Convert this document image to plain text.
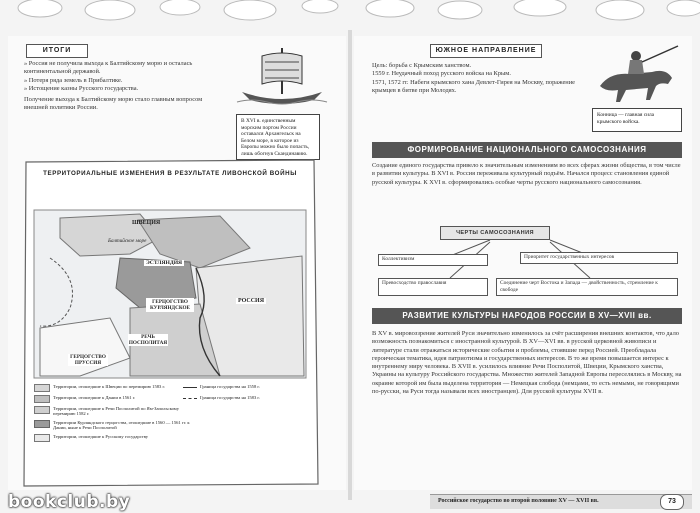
ИТОГИ

» Россия не получила выхода к Балтийскому морю и осталась континентальной державой.

» Потеря ряда земель в Прибалтике.

» Истощение казны Русского государства.

Получение выхода к Балтийскому морю стало главным вопросом внешней политики России.

В XVI в. единственным морским портом России оставался Архангельск на Белом море, в которое из Европы можно было попасть, лишь обогнув Скандинавию.
ТЕРРИТОРИАЛЬНЫЕ ИЗМЕНЕНИЯ В РЕЗУЛЬТАТЕ ЛИВОНСКОЙ ВОЙНЫ
ШВЕЦИЯ
ЭСТЛЯНДИЯ
Балтийское море
ГЕРЦОГСТВО КУРЛЯНДСКОЕ
РОССИЯ
РЕЧЬ ПОСПОЛИТАЯ
ГЕРЦОГСТВО ПРУССИЯ
Территории, отошедшие к Швеции по перемирию 1583 г.	Граница государства на 1558 г.
Территории, отошедшие к Дании в 1561 г.	Граница государства на 1583 г.
Территории, отошедшие к Речи Посполитой по Ям-Запольскому перемирию 1582 г.
Территории Курляндского герцогства, отошедшие в 1560 — 1561 гг. к Дании, ныне к Речи Посполитой
Территории, отошедшие к Русскому государству
ЮЖНОЕ НАПРАВЛЕНИЕ

Цель: борьба с Крымским ханством.

1559 г. Неудачный поход русского войска на Крым.

1571, 1572 гг. Набеги крымского хана Девлет-Гирея на Москву, поражение крымцев в битве при Молодях.

Конница — главная сила крымского войска.
ФОРМИРОВАНИЕ НАЦИОНАЛЬНОГО САМОСОЗНАНИЯ
Создание единого государства привело к значительным изменениям во всех сферах жизни общества, в том числе в развитии культуры. В XVI в. Россия переживала культурный подъём. Начался процесс становления единой русской культуры. К XVI в. сформировались особые черты русского национального самосознания.
ЧЕРТЫ САМОСОЗНАНИЯ
Коллективизм	Приоритет государственных интересов
Превосходство православия	Соединение черт Востока и Запада — двойственность, стремление к свободе
РАЗВИТИЕ КУЛЬТУРЫ НАРОДОВ РОССИИ В XV—XVII вв.
В XV в. мировоззрение жителей Руси значительно изменилось за счёт расширения внешних контактов, что дало возможность познакомиться с иностранной культурой. В XV—XVI вв. в русской церковной живописи и литературе стали отражаться исторические события и проблемы, стоявшие перед Россией. Преобладала героическая тематика, идея патриотизма и государственных интересов. В то же время повышается интерес к внутреннему миру человека. В XVII в. усилилось влияние Речи Посполитой, Швеции, Крымского ханства, Украины на культуру Российского государства. Множество жителей Западной Европы переселялись в Москву, на окраине которой им была выделена территория — Немецкая слобода (немцами, то есть немыми, не говорящими по-русски, на Руси тогда называли всех иностранцев). Для русской культуры XVII в.
Российское государство во второй половине XV — XVII вв.	73
bookclub.by
